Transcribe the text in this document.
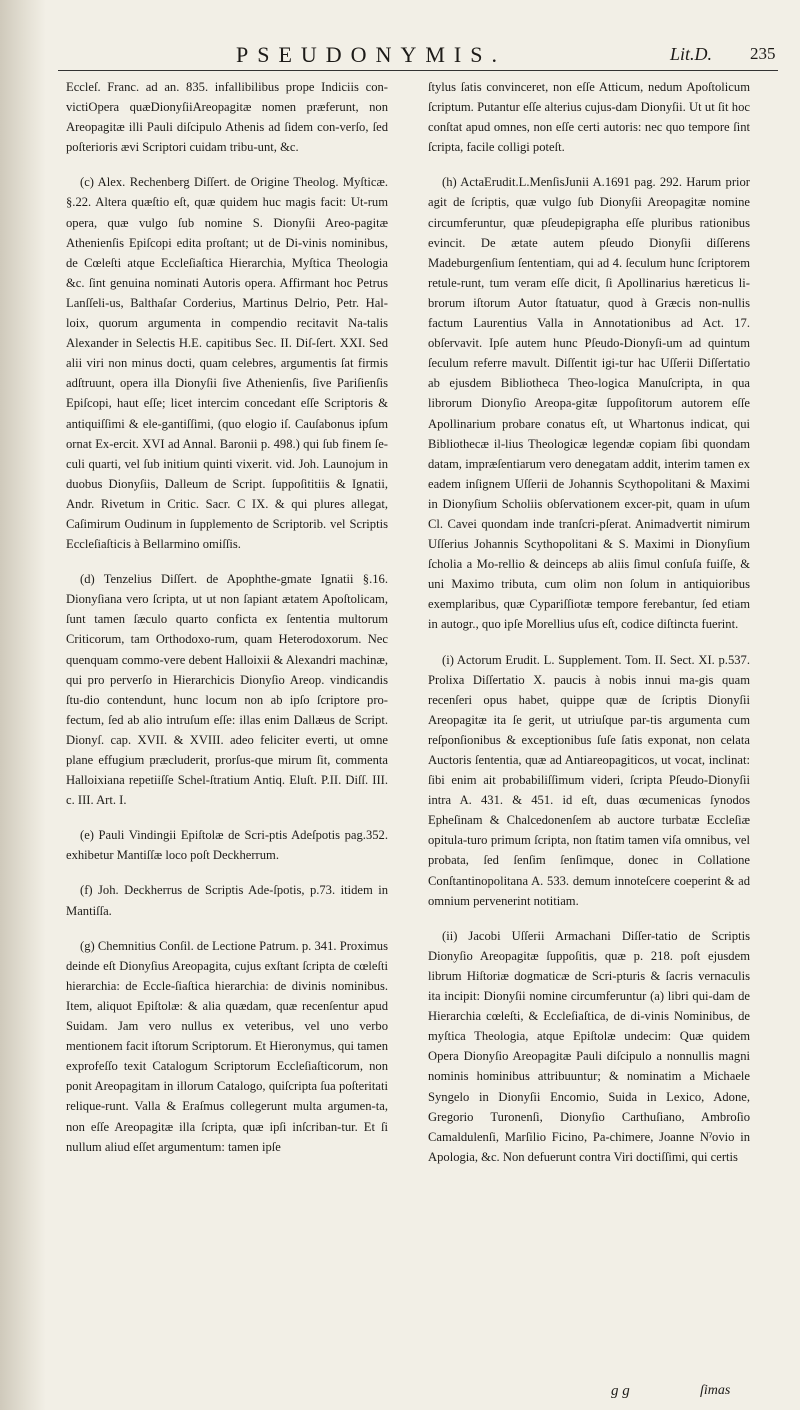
PSEUDONYMIS.	Lit.D. 235

Eccleſ. Franc. ad an. 835. infallibilibus prope Indiciis con-victiOpera quæDionyſiiAreopagitæ nomen præferunt, non Areopagitæ illi Pauli diſcipulo Athenis ad ſidem con-verſo, ſed poſterioris ævi Scriptori cuidam tribu-unt, &c.

(c) Alex. Rechenberg Diſſert. de Origine Theolog. Myſticæ. §.22. Altera quæſtio eſt, quæ quidem huc magis facit: Ut-rum opera, quæ vulgo ſub nomine S. Dionyſii Areo-pagitæ Athenienſis Epiſcopi edita proſtant; ut de Di-vinis nominibus, de Cœleſti atque Eccleſiaſtica Hierarchia, Myſtica Theologia &c. ſint genuina nominati Autoris opera. Affirmant hoc Petrus Lanſſeli-us, Balthaſar Corderius, Martinus Delrio, Petr. Hal-loix, quorum argumenta in compendio recitavit Na-talis Alexander in Selectis H.E. capitibus Sec. II. Diſ-ſert. XXI. Sed alii viri non minus docti, quam celebres, argumentis ſat firmis adſtruunt, opera illa Dionyſii ſive Athenienſis, ſive Pariſienſis Epiſcopi, haut eſſe; licet intercim concedant eſſe Scriptoris & antiquiſſimi & ele-gantiſſimi, (quo elogio iſ. Cauſabonus ipſum ornat Ex-ercit. XVI ad Annal. Baronii p. 498.) qui ſub finem ſe-culi quarti, vel ſub initium quinti vixerit. vid. Joh. Launojum in duobus Dionyſiis, Dalleum de Script. ſuppoſititiis & Ignatii, Andr. Rivetum in Critic. Sacr. C IX. & qui plures allegat, Caſimirum Oudinum in ſupplemento de Scriptorib. vel Scriptis Eccleſiaſticis à Bellarmino omiſſis.

(d) Tenzelius Diſſert. de Apophthe-gmate Ignatii §.16. Dionyſiana vero ſcripta, ut ut non ſapiant ætatem Apoſtolicam, ſunt tamen ſæculo quarto conficta ex ſententia multorum Criticorum, tam Orthodoxo-rum, quam Heterodoxorum. Nec quenquam commo-vere debent Halloixii & Alexandri machinæ, qui pro perverſo in Hierarchicis Dionyſio Areop. vindicandis ſtu-dio contendunt, hunc locum non ab ipſo ſcriptore pro-fectum, ſed ab alio intruſum eſſe: illas enim Dallæus de Script. Dionyſ. cap. XVII. & XVIII. adeo feliciter everti, ut omne plane effugium præcluderit, prorſus-que mirum ſit, commenta Halloixiana repetiiſſe Schel-ſtratium Antiq. Eluſt. P.II. Diſſ. III. c. III. Art. I.

(e) Pauli Vindingii Epiſtolæ de Scri-ptis Adeſpotis pag.352. exhibetur Mantiſſæ loco poſt Deckherrum.

(f) Joh. Deckherrus de Scriptis Ade-ſpotis, p.73. itidem in Mantiſſa.

(g) Chemnitius Conſil. de Lectione Patrum. p. 341. Proximus deinde eſt Dionyſius Areopagita, cujus exſtant ſcripta de cœleſti hierarchia: de Eccle-ſiaſtica hierarchia: de divinis nominibus. Item, aliquot Epiſtolæ: & alia quædam, quæ recenſentur apud Suidam. Jam vero nullus ex veteribus, vel uno verbo mentionem facit iſtorum Scriptorum. Et Hieronymus, qui tamen exprofeſſo texit Catalogum Scriptorum Eccleſiaſticorum, non ponit Areopagitam in illorum Catalogo, quiſcripta ſua poſteritati relique-runt. Valla & Eraſmus collegerunt multa argumen-ta, non eſſe Areopagitæ illa ſcripta, quæ ipſi inſcriban-tur. Et ſi nullum aliud eſſet argumentum: tamen ipſe

ſtylus ſatis convinceret, non eſſe Atticum, nedum Apoſtolicum ſcriptum. Putantur eſſe alterius cujus-dam Dionyſii. Ut ut ſit hoc conſtat apud omnes, non eſſe certi autoris: nec quo tempore ſint ſcripta, facile colligi poteſt.

(h) ActaErudit.L.MenſisJunii A.1691 pag. 292. Harum prior agit de ſcriptis, quæ vulgo ſub Dionyſii Areopagitæ nomine circumferuntur, quæ pſeudepigrapha eſſe pluribus rationibus evincit. De ætate autem pſeudo Dionyſii diſſerens Madeburgenſium ſententiam, qui ad 4. ſeculum hunc ſcriptorem retule-runt, tum veram eſſe dicit, ſi Apollinarius hæreticus li-brorum iſtorum Autor ſtatuatur, quod à Græcis non-nullis factum Laurentius Valla in Annotationibus ad Act. 17. obſervavit. Ipſe autem hunc Pſeudo-Dionyſi-um ad quintum ſeculum referre mavult. Diſſentit igi-tur hac Uſſerii Diſſertatio ab ejusdem Bibliotheca Theo-logica Manuſcripta, in qua librorum Dionyſio Areopa-gitæ ſuppoſitorum autorem eſſe Apollinarium probare conatus eſt, ut Whartonus indicat, qui Bibliothecæ il-lius Theologicæ legendæ copiam ſibi quondam datam, impræſentiarum vero denegatam addit, interim tamen ex eadem inſignem Uſſerii de Johannis Scythopolitani & Maximi in Dionyſium Scholiis obſervationem excer-pit, quam in uſum Cl. Cavei quondam inde tranſcri-pſerat. Animadvertit nimirum Uſſerius Johannis Scythopolitani & S. Maximi in Dionyſium ſcholia a Mo-rellio & deinceps ab aliis ſimul conſuſa fuiſſe, & uni Maximo tributa, cum olim non ſolum in antiquioribus exemplaribus, quæ Cypariſſiotæ tempore ferebantur, ſed etiam in autogr., quo ipſe Morellius uſus eſt, codice diſtincta fuerint.

(i) Actorum Erudit. L. Supplement. Tom. II. Sect. XI. p.537. Prolixa Diſſertatio X. paucis à nobis innui ma-gis quam recenſeri opus habet, quippe quæ de ſcriptis Dionyſii Areopagitæ ita ſe gerit, ut utriuſque par-tis argumenta cum reſponſionibus & exceptionibus ſuſe ſatis exponat, non celata Auctoris ſententia, quæ ad Antiareopagiticos, ut vocat, inclinat: ſibi enim ait probabiliſſimum videri, ſcripta Pſeudo-Dionyſii intra A. 431. & 451. id eſt, duas œcumenicas ſynodos Epheſinam & Chalcedonenſem ab auctore turbatæ Eccleſiæ opitula-turo primum ſcripta, non ſtatim tamen viſa omnibus, vel probata, ſed ſenſim ſenſimque, donec in Collatione Conſtantinopolitana A. 533. demum innoteſcere coeperint & ad omnium pervenerint notitiam.

(ii) Jacobi Uſſerii Armachani Diſſer-tatio de Scriptis Dionyſio Areopagitæ ſuppoſitis, quæ p. 218. poſt ejusdem librum Hiſtoriæ dogmaticæ de Scri-pturis & ſacris vernaculis ita incipit: Dionyſii nomine circumferuntur (a) libri qui-dam de Hierarchia cœleſti, & Eccleſiaſtica, de di-vinis Nominibus, de myſtica Theologia, atque Epiſtolæ undecim: Quæ quidem Opera Dionyſio Areopagitæ Pauli diſcipulo a nonnullis magni nominis hominibus attribuuntur; & nominatim a Michaele Syngelo in Dionyſii Encomio, Suida in Lexico, Adone, Gregorio Turonenſi, Dionyſio Carthuſiano, Ambroſio Camaldulenſi, Marſilio Ficino, Pa-chimere, Joanne Nˀovio in Apologia, &c. Non defuerunt contra Viri doctiſſimi, qui certis

g g	ſimas
